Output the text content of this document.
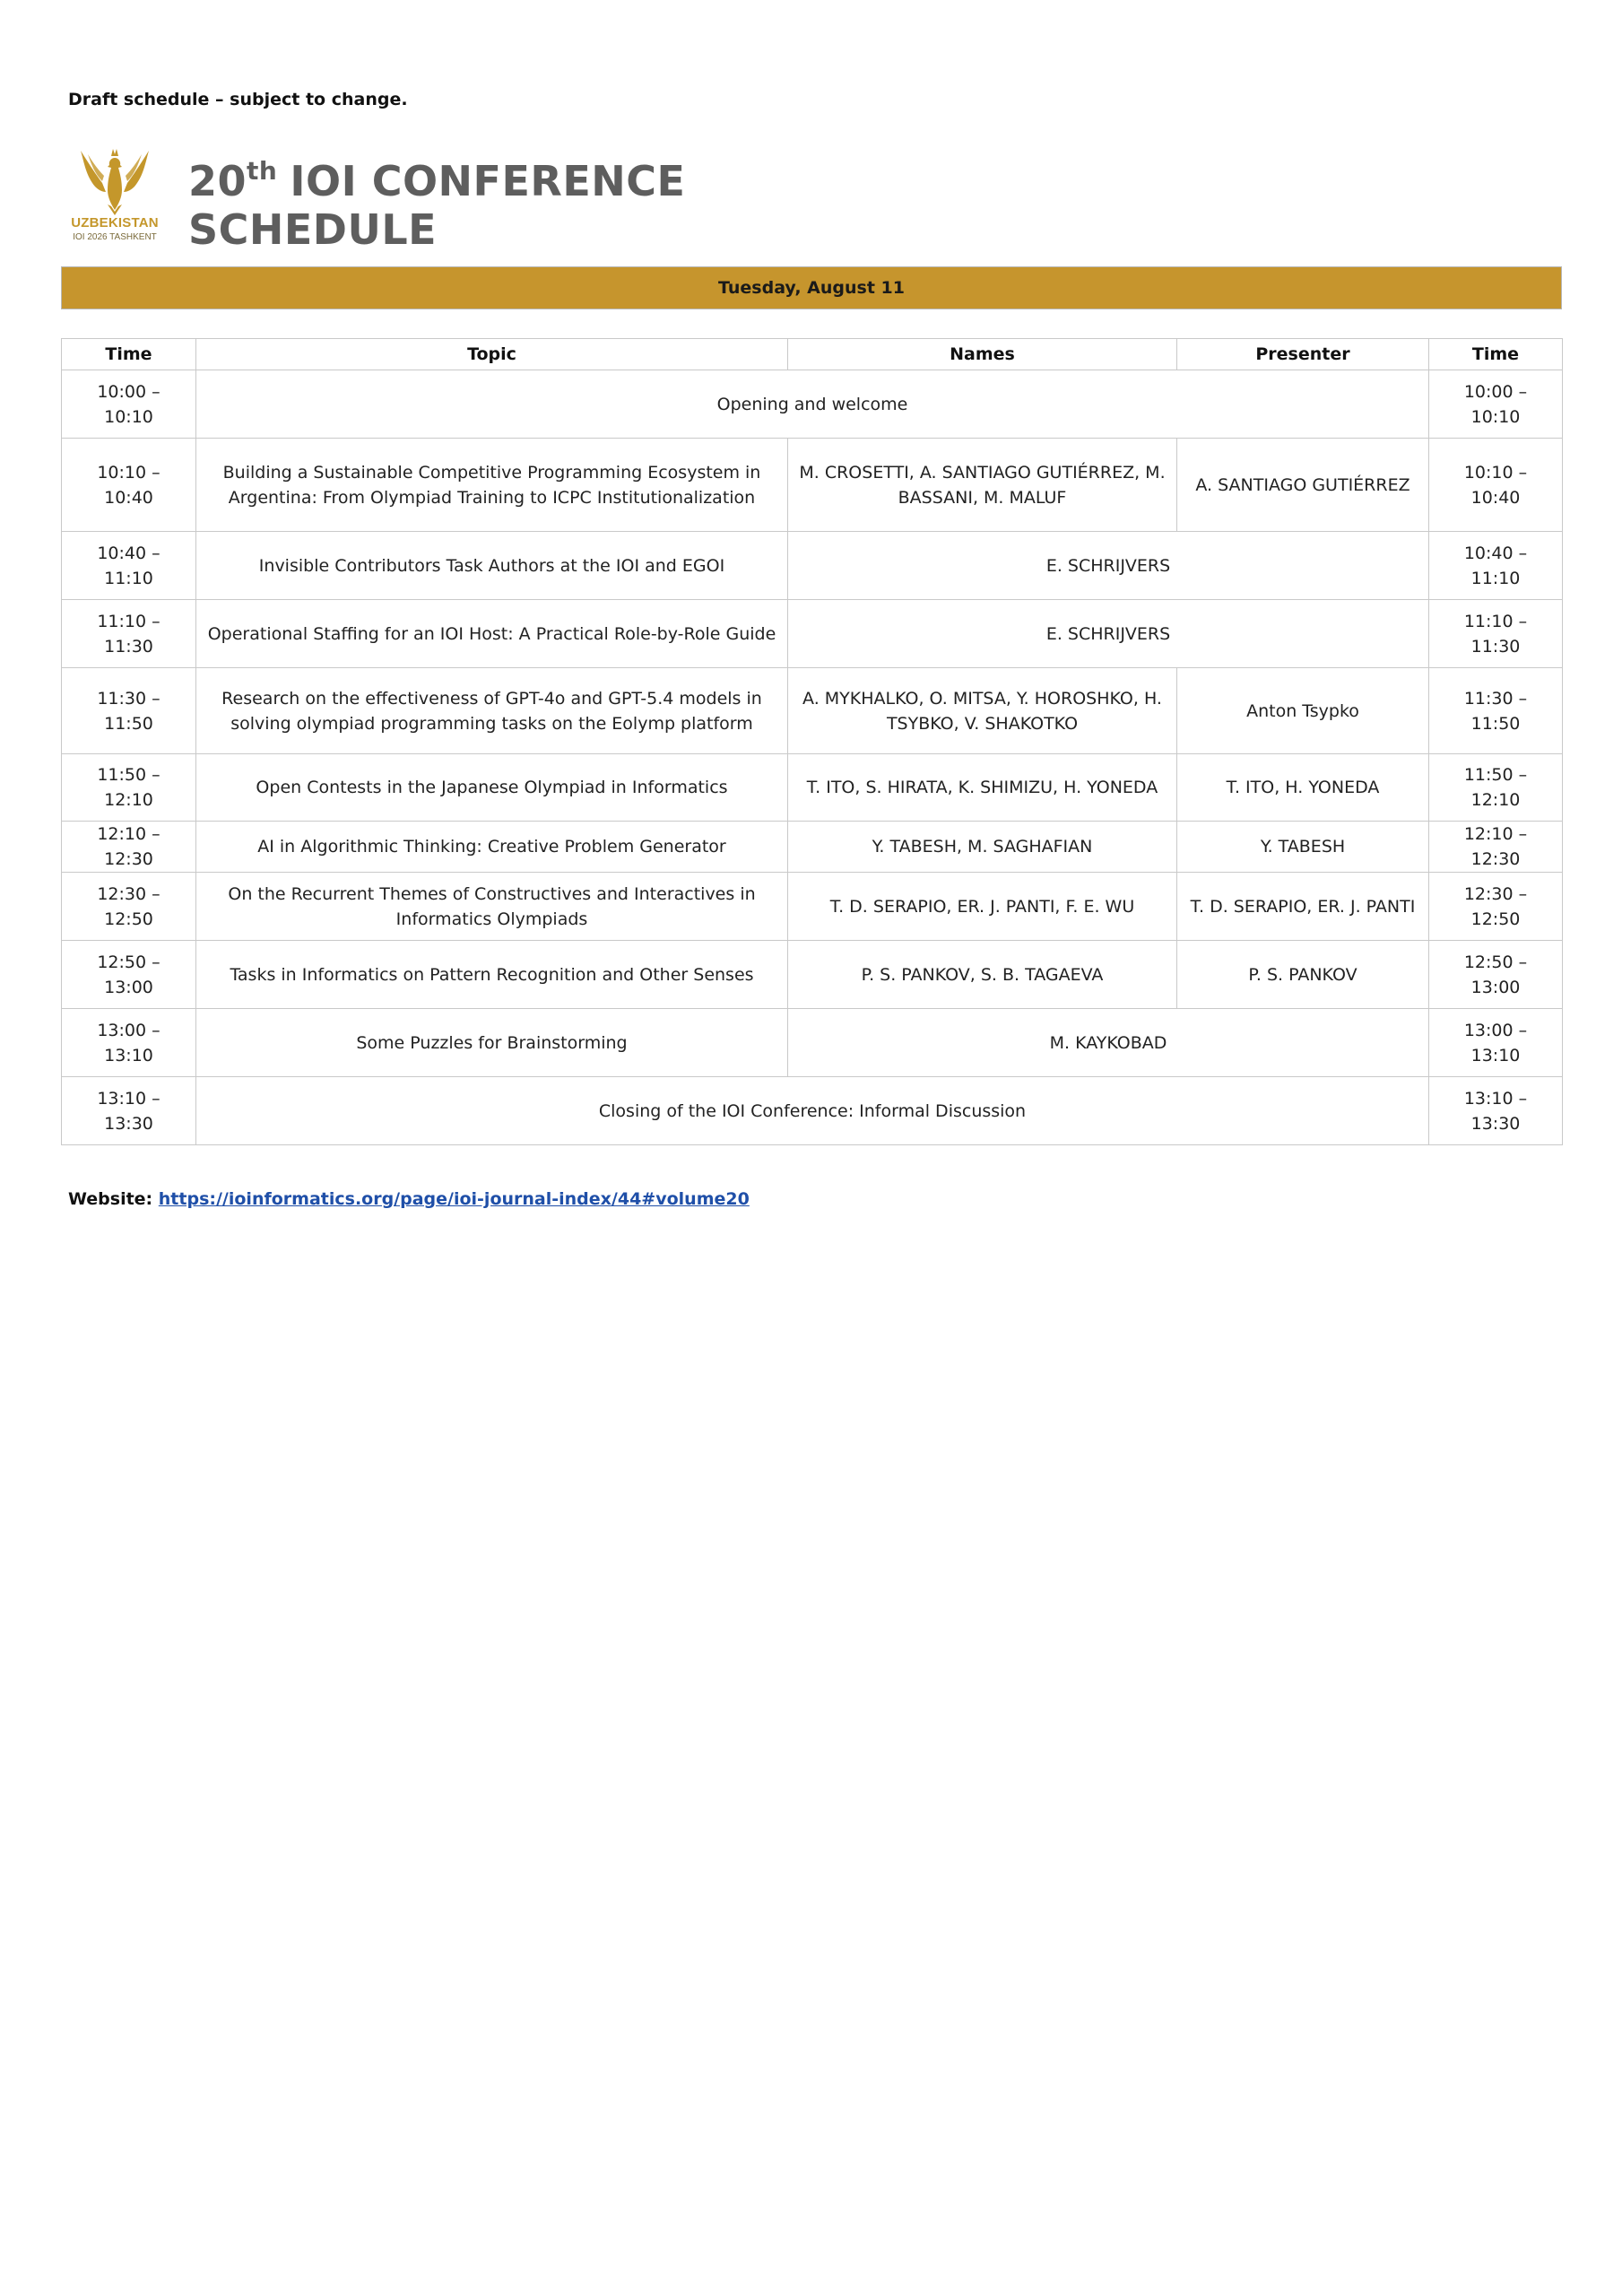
Draft schedule – subject to change.
UZBEKISTAN
IOI 2026 TASHKENT
20th IOI CONFERENCE
SCHEDULE
Tuesday, August 11
Time	Topic	Names	Presenter	Time
10:00 – 10:10	Opening and welcome			10:00 – 10:10
10:10 – 10:40	Building a Sustainable Competitive Programming Ecosystem in Argentina: From Olympiad Training to ICPC Institutionalization	M. CROSETTI, A. SANTIAGO GUTIÉRREZ, M. BASSANI, M. MALUF	A. SANTIAGO GUTIÉRREZ	10:10 – 10:40
10:40 – 11:10	Invisible Contributors Task Authors at the IOI and EGOI	E. SCHRIJVERS		10:40 – 11:10
11:10 – 11:30	Operational Staffing for an IOI Host: A Practical Role-by-Role Guide	E. SCHRIJVERS		11:10 – 11:30
11:30 – 11:50	Research on the effectiveness of GPT-4o and GPT-5.4 models in solving olympiad programming tasks on the Eolymp platform	A. MYKHALKO, O. MITSA, Y. HOROSHKO, H. TSYBKO, V. SHAKOTKO	Anton Tsypko	11:30 – 11:50
11:50 – 12:10	Open Contests in the Japanese Olympiad in Informatics	T. ITO, S. HIRATA, K. SHIMIZU, H. YONEDA	T. ITO, H. YONEDA	11:50 – 12:10
12:10 – 12:30	AI in Algorithmic Thinking: Creative Problem Generator	Y. TABESH, M. SAGHAFIAN	Y. TABESH	12:10 – 12:30
12:30 – 12:50	On the Recurrent Themes of Constructives and Interactives in Informatics Olympiads	T. D. SERAPIO, ER. J. PANTI, F. E. WU	T. D. SERAPIO, ER. J. PANTI	12:30 – 12:50
12:50 – 13:00	Tasks in Informatics on Pattern Recognition and Other Senses	P. S. PANKOV, S. B. TAGAEVA	P. S. PANKOV	12:50 – 13:00
13:00 – 13:10	Some Puzzles for Brainstorming	M. KAYKOBAD		13:00 – 13:10
13:10 – 13:30	Closing of the IOI Conference: Informal Discussion			13:10 – 13:30
Website: https://ioinformatics.org/page/ioi-journal-index/44#volume20
